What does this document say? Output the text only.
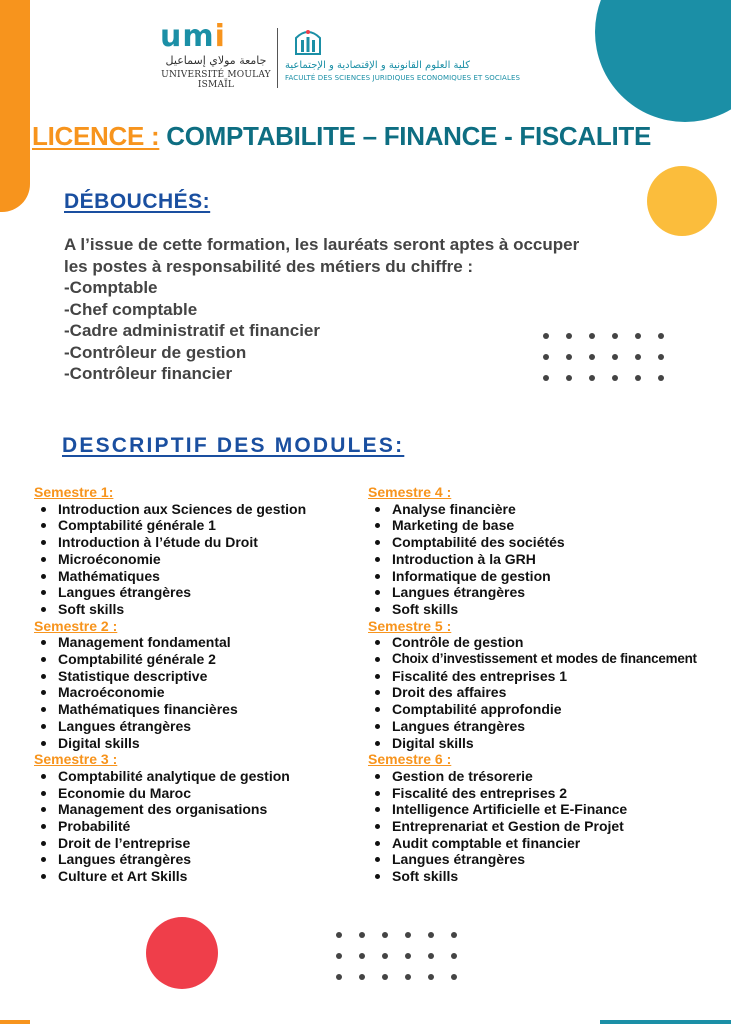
umi
جامعة مولاي إسماعيل
UNIVERSITÉ MOULAY ISMAÏL
كلية العلوم القانونية و الإقتصادية و الإجتماعية
FACULTÉ DES SCIENCES JURIDIQUES ECONOMIQUES ET SOCIALES
LICENCE : COMPTABILITE – FINANCE - FISCALITE
DÉBOUCHÉS:
A l’issue de cette formation, les lauréats seront aptes à occuper
les postes à responsabilité des métiers du chiffre :
-Comptable
-Chef comptable
-Cadre administratif et financier
-Contrôleur de gestion
-Contrôleur financier
DESCRIPTIF DES MODULES:
Semestre 1:
Introduction aux Sciences de gestion
Comptabilité générale 1
Introduction à l’étude du Droit
Microéconomie
Mathématiques
Langues étrangères
Soft skills
Semestre 2 :
Management fondamental
Comptabilité générale 2
Statistique descriptive
Macroéconomie
Mathématiques financières
Langues étrangères
Digital skills
Semestre 3 :
Comptabilité analytique de gestion
Economie du Maroc
Management des organisations
Probabilité
Droit de l’entreprise
Langues étrangères
Culture et Art Skills
Semestre 4 :
Analyse financière
Marketing de base
Comptabilité des sociétés
Introduction à la GRH
Informatique de gestion
Langues étrangères
Soft skills
Semestre 5 :
Contrôle de gestion
Choix d’investissement et modes de financement
Fiscalité des entreprises 1
Droit des affaires
Comptabilité approfondie
Langues étrangères
Digital skills
Semestre 6 :
Gestion de trésorerie
Fiscalité des entreprises 2
Intelligence Artificielle et E-Finance
Entreprenariat et Gestion de Projet
Audit comptable et financier
Langues étrangères
Soft skills
